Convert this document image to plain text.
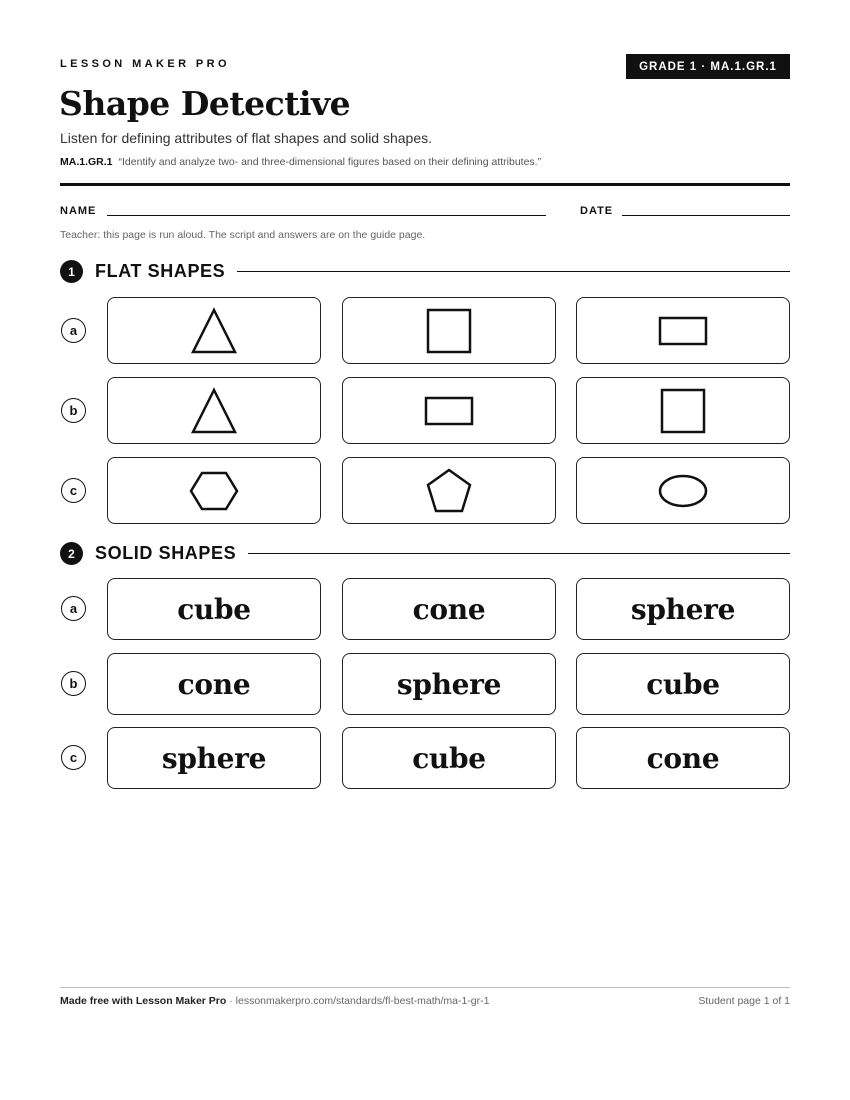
LESSON MAKER PRO	GRADE 1 · MA.1.GR.1
Shape Detective
Listen for defining attributes of flat shapes and solid shapes.
MA.1.GR.1 “Identify and analyze two- and three-dimensional figures based on their defining attributes.”
NAME	DATE
Teacher: this page is run aloud. The script and answers are on the guide page.
1	FLAT SHAPES
a
b
c
2	SOLID SHAPES
a	cube	cone	sphere
b	cone	sphere	cube
c	sphere	cube	cone
Made free with Lesson Maker Pro · lessonmakerpro.com/standards/fl-best-math/ma-1-gr-1	Student page 1 of 1
